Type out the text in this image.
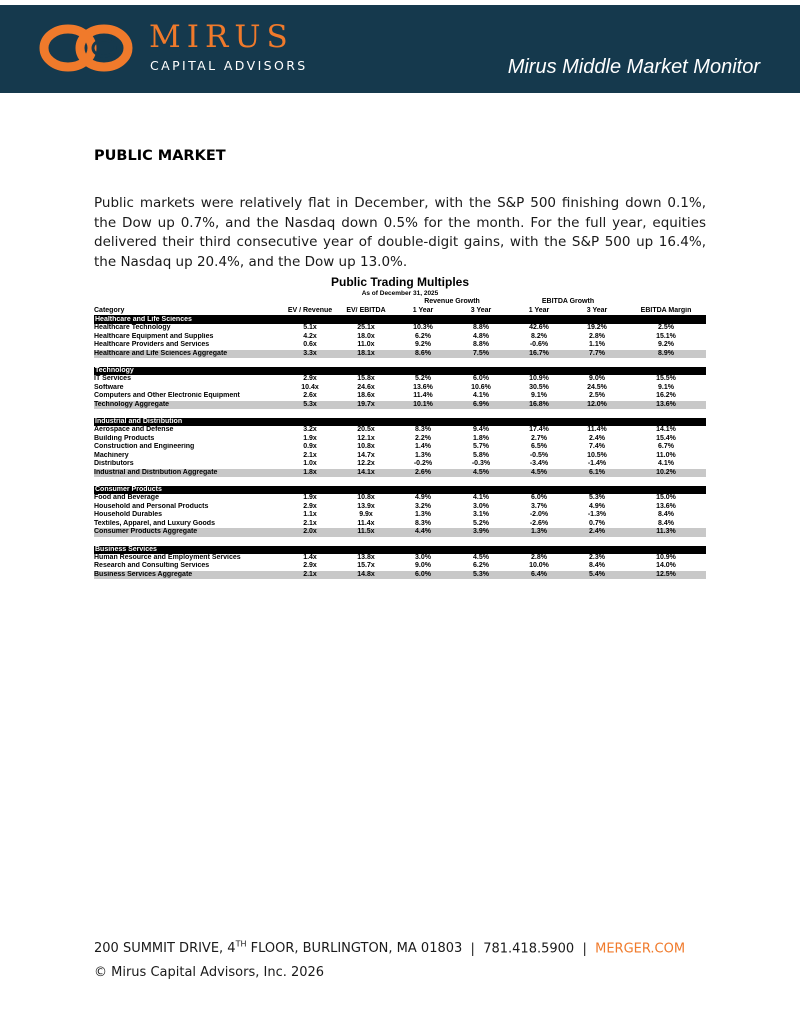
MIRUS
CAPITAL ADVISORS	Mirus Middle Market Monitor
PUBLIC MARKET

Public markets were relatively flat in December, with the S&P 500 finishing down 0.1%, the Dow up 0.7%, and the Nasdaq down 0.5% for the month. For the full year, equities delivered their third consecutive year of double-digit gains, with the S&P 500 up 16.4%, the Nasdaq up 20.4%, and the Dow up 13.0%.

Public Trading Multiples
As of December 31, 2025
			Revenue Growth		EBITDA Growth		
Category	EV / Revenue	EV/ EBITDA	1 Year	3 Year	1 Year	3 Year	EBITDA Margin
Healthcare and Life Sciences							
Healthcare Technology	5.1x	25.1x	10.3%	8.8%	42.6%	19.2%	2.5%
Healthcare Equipment and Supplies	4.2x	18.0x	6.2%	4.8%	8.2%	2.8%	15.1%
Healthcare Providers and Services	0.6x	11.0x	9.2%	8.8%	-0.6%	1.1%	9.2%
Healthcare and Life Sciences Aggregate	3.3x	18.1x	8.6%	7.5%	16.7%	7.7%	8.9%

Technology							
IT Services	2.9x	15.8x	5.2%	6.0%	10.9%	9.0%	15.5%
Software	10.4x	24.6x	13.6%	10.6%	30.5%	24.5%	9.1%
Computers and Other Electronic Equipment	2.6x	18.6x	11.4%	4.1%	9.1%	2.5%	16.2%
Technology Aggregate	5.3x	19.7x	10.1%	6.9%	16.8%	12.0%	13.6%

Industrial and Distribution							
Aerospace and Defense	3.2x	20.5x	8.3%	9.4%	17.4%	11.4%	14.1%
Building Products	1.9x	12.1x	2.2%	1.8%	2.7%	2.4%	15.4%
Construction and Engineering	0.9x	10.8x	1.4%	5.7%	6.5%	7.4%	6.7%
Machinery	2.1x	14.7x	1.3%	5.8%	-0.5%	10.5%	11.0%
Distributors	1.0x	12.2x	-0.2%	-0.3%	-3.4%	-1.4%	4.1%
Industrial and Distribution Aggregate	1.8x	14.1x	2.6%	4.5%	4.5%	6.1%	10.2%

Consumer Products							
Food and Beverage	1.9x	10.8x	4.9%	4.1%	6.0%	5.3%	15.0%
Household and Personal Products	2.9x	13.9x	3.2%	3.0%	3.7%	4.9%	13.6%
Household Durables	1.1x	9.9x	1.3%	3.1%	-2.0%	-1.3%	8.4%
Textiles, Apparel, and Luxury Goods	2.1x	11.4x	8.3%	5.2%	-2.6%	0.7%	8.4%
Consumer Products Aggregate	2.0x	11.5x	4.4%	3.9%	1.3%	2.4%	11.3%

Business Services							
Human Resource and Employment Services	1.4x	13.8x	3.0%	4.5%	2.8%	2.3%	10.9%
Research and Consulting Services	2.9x	15.7x	9.0%	6.2%	10.0%	8.4%	14.0%
Business Services Aggregate	2.1x	14.8x	6.0%	5.3%	6.4%	5.4%	12.5%
200 SUMMIT DRIVE, 4TH FLOOR, BURLINGTON, MA 01803 | 781.418.5900 | MERGER.COM
© Mirus Capital Advisors, Inc. 2026
